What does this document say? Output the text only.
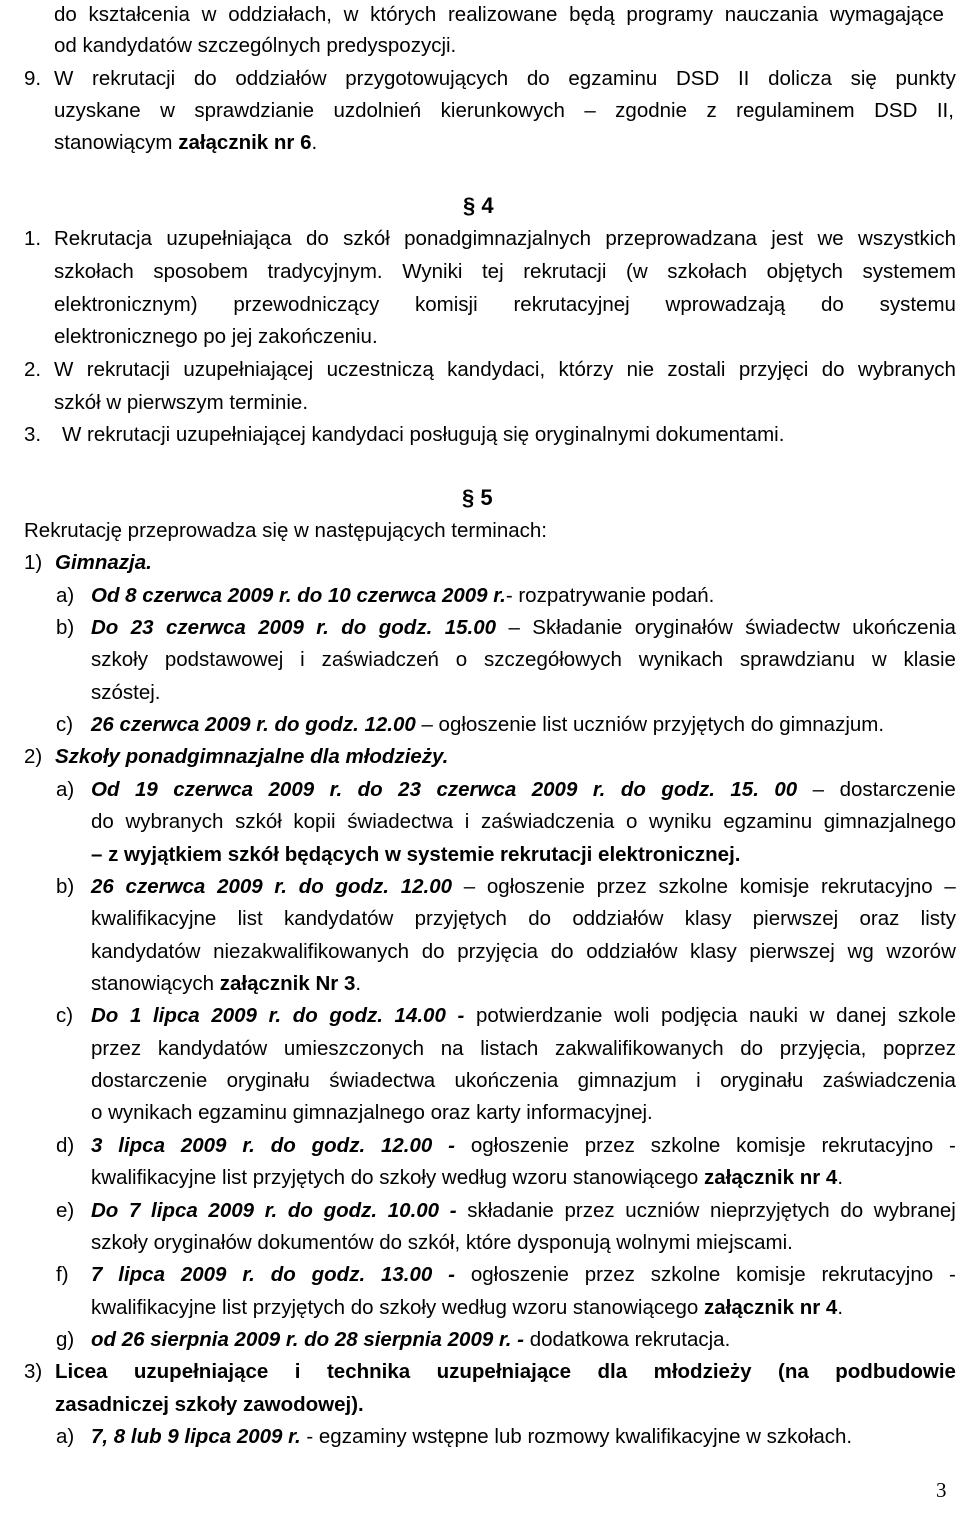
do kształcenia w oddziałach, w których realizowane będą programy nauczania wymagające
od kandydatów szczególnych predyspozycji.
9. W rekrutacji do oddziałów przygotowujących do egzaminu DSD II dolicza się punkty
uzyskane w sprawdzianie uzdolnień kierunkowych – zgodnie z regulaminem DSD II,
stanowiącym załącznik nr 6.
§ 4
1. Rekrutacja uzupełniająca do szkół ponadgimnazjalnych przeprowadzana jest we wszystkich
szkołach sposobem tradycyjnym. Wyniki tej rekrutacji (w szkołach objętych systemem
elektronicznym) przewodniczący komisji rekrutacyjnej wprowadzają do systemu
elektronicznego po jej zakończeniu.
2. W rekrutacji uzupełniającej uczestniczą kandydaci, którzy nie zostali przyjęci do wybranych
szkół w pierwszym terminie.
3. W rekrutacji uzupełniającej kandydaci posługują się oryginalnymi dokumentami.
§ 5
Rekrutację przeprowadza się w następujących terminach:
1) Gimnazja.
a) Od 8 czerwca 2009 r. do 10 czerwca 2009 r.- rozpatrywanie podań.
b) Do 23 czerwca 2009 r. do godz. 15.00 – Składanie oryginałów świadectw ukończenia
szkoły podstawowej i zaświadczeń o szczegółowych wynikach sprawdzianu w klasie
szóstej.
c) 26 czerwca 2009 r. do godz. 12.00 – ogłoszenie list uczniów przyjętych do gimnazjum.
2) Szkoły ponadgimnazjalne dla młodzieży.
a) Od 19 czerwca 2009 r. do 23 czerwca 2009 r. do godz. 15. 00 – dostarczenie
do wybranych szkół kopii świadectwa i zaświadczenia o wyniku egzaminu gimnazjalnego
– z wyjątkiem szkół będących w systemie rekrutacji elektronicznej.
b) 26 czerwca 2009 r. do godz. 12.00 – ogłoszenie przez szkolne komisje rekrutacyjno –
kwalifikacyjne list kandydatów przyjętych do oddziałów klasy pierwszej oraz listy
kandydatów niezakwalifikowanych do przyjęcia do oddziałów klasy pierwszej wg wzorów
stanowiących załącznik Nr 3.
c) Do 1 lipca 2009 r. do godz. 14.00 - potwierdzanie woli podjęcia nauki w danej szkole
przez kandydatów umieszczonych na listach zakwalifikowanych do przyjęcia, poprzez
dostarczenie oryginału świadectwa ukończenia gimnazjum i oryginału zaświadczenia
o wynikach egzaminu gimnazjalnego oraz karty informacyjnej.
d) 3 lipca 2009 r. do godz. 12.00 - ogłoszenie przez szkolne komisje rekrutacyjno -
kwalifikacyjne list przyjętych do szkoły według wzoru stanowiącego załącznik nr 4.
e) Do 7 lipca 2009 r. do godz. 10.00 - składanie przez uczniów nieprzyjętych do wybranej
szkoły oryginałów dokumentów do szkół, które dysponują wolnymi miejscami.
f) 7 lipca 2009 r. do godz. 13.00 - ogłoszenie przez szkolne komisje rekrutacyjno -
kwalifikacyjne list przyjętych do szkoły według wzoru stanowiącego załącznik nr 4.
g) od 26 sierpnia 2009 r. do 28 sierpnia 2009 r. - dodatkowa rekrutacja.
3) Licea uzupełniające i technika uzupełniające dla młodzieży (na podbudowie
zasadniczej szkoły zawodowej).
a) 7, 8 lub 9 lipca 2009 r. - egzaminy wstępne lub rozmowy kwalifikacyjne w szkołach.
3
